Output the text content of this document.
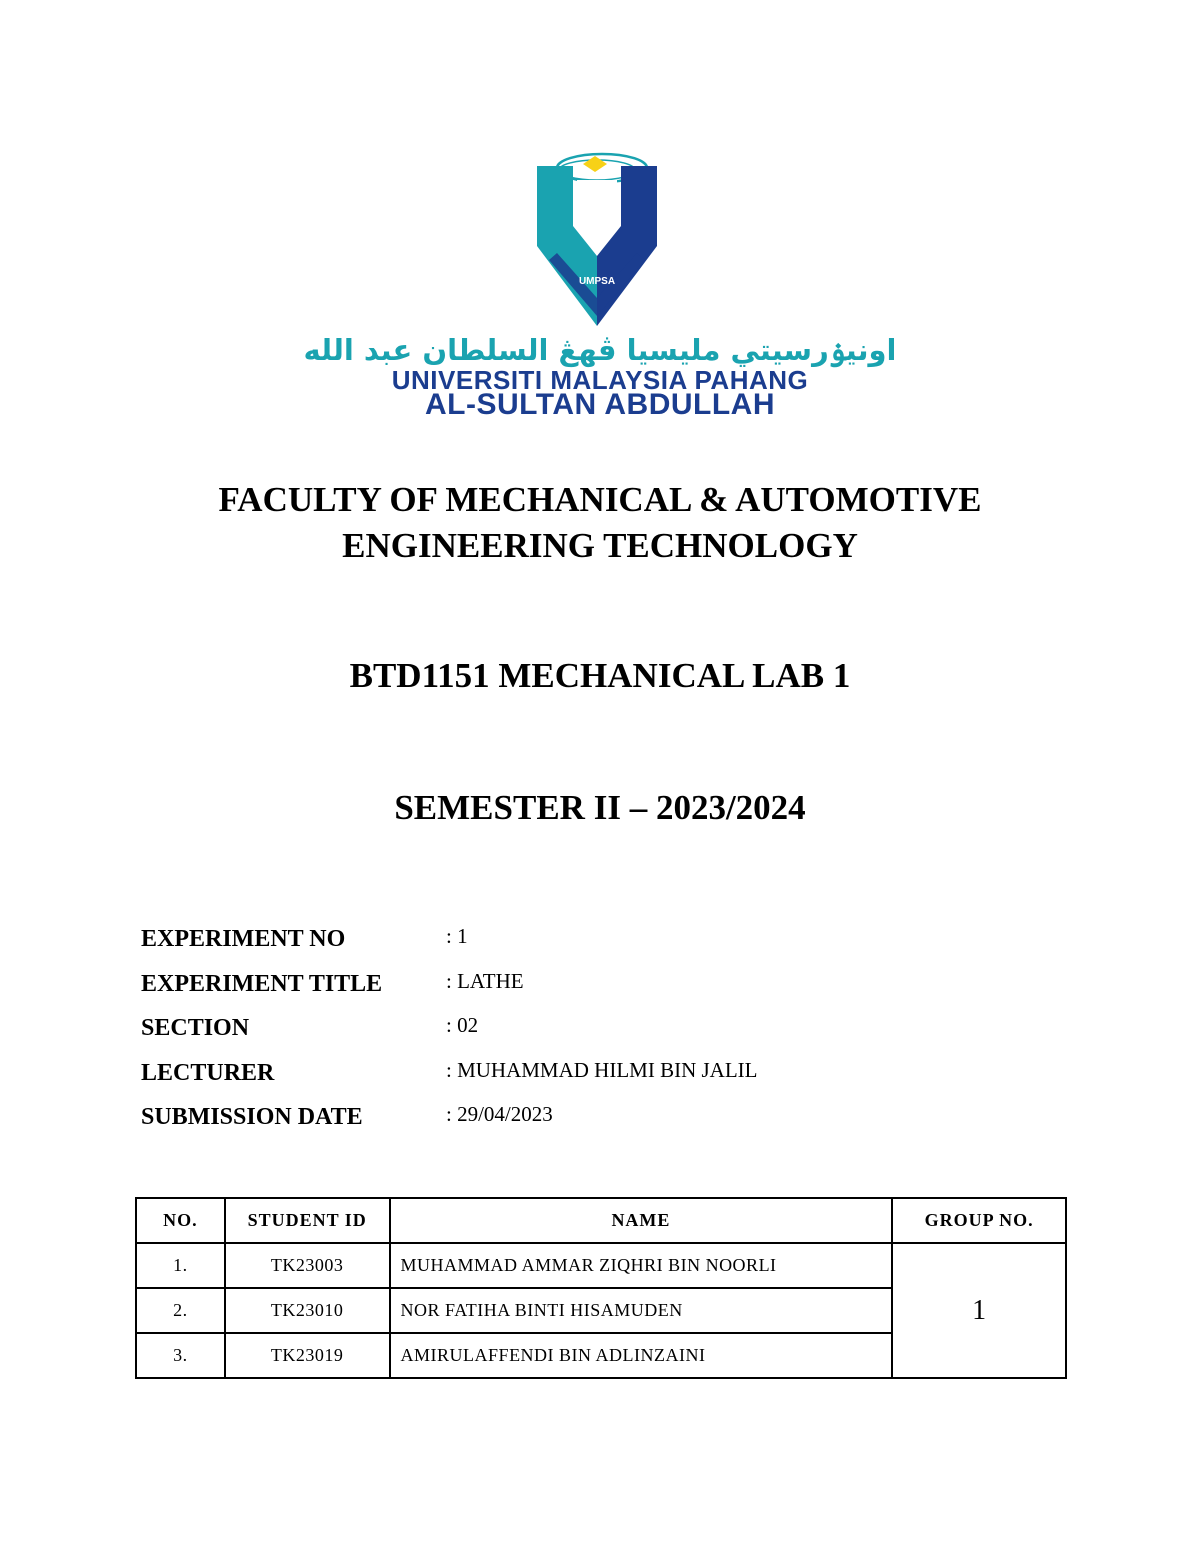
UMPSA
اونيۏرسيتي مليسيا ڤهڠ السلطان عبد الله
UNIVERSITI MALAYSIA PAHANG
AL-SULTAN ABDULLAH
FACULTY OF MECHANICAL & AUTOMOTIVE
ENGINEERING TECHNOLOGY
BTD1151 MECHANICAL LAB 1
SEMESTER II – 2023/2024
EXPERIMENT NO	: 1
EXPERIMENT TITLE	: LATHE
SECTION	: 02
LECTURER	: MUHAMMAD HILMI BIN JALIL
SUBMISSION DATE	: 29/04/2023
NO.	STUDENT ID	NAME	GROUP NO.
1.	TK23003	MUHAMMAD AMMAR ZIQHRI BIN NOORLI	1
2.	TK23010	NOR FATIHA BINTI HISAMUDEN	
3.	TK23019	AMIRULAFFENDI BIN ADLINZAINI	
